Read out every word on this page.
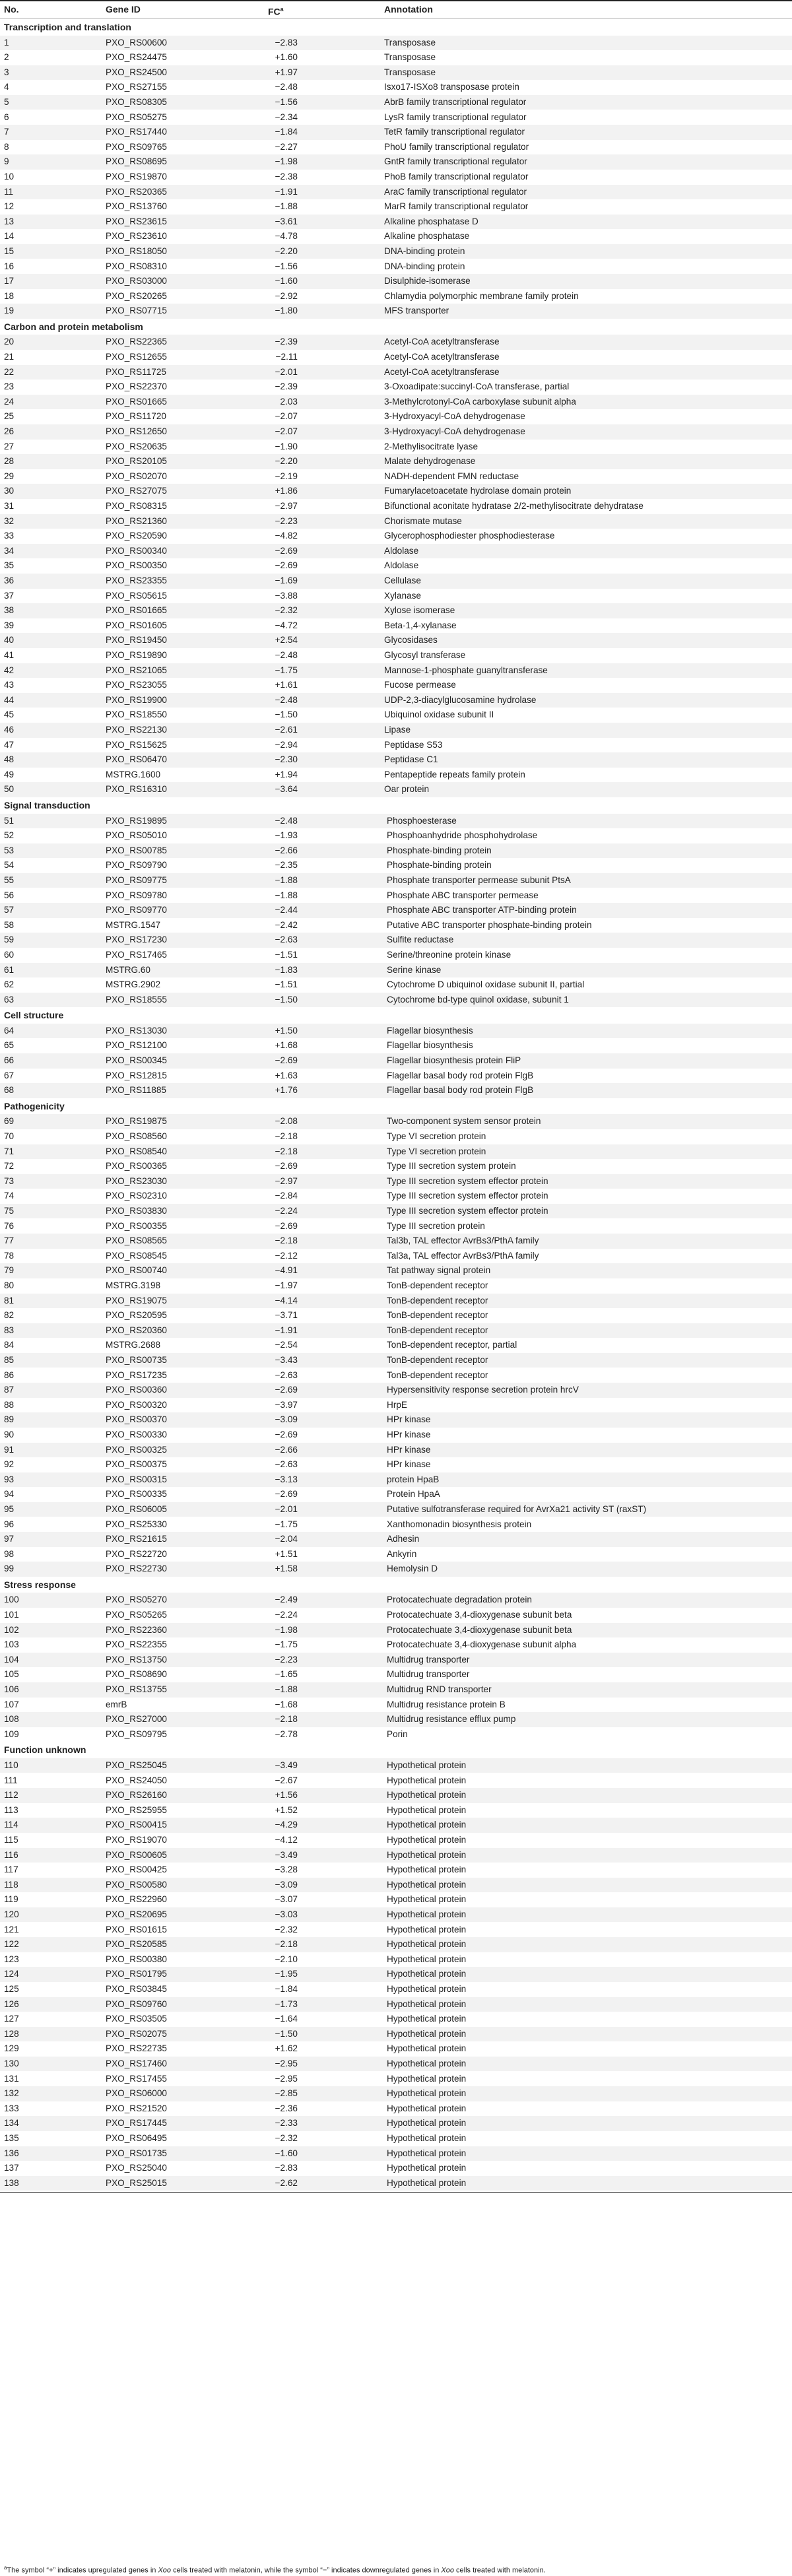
No.	Gene ID	$FC^a$	Annotation
Transcription and translation
1	PXO_RS00600	−2.83	Transposase
2	PXO_RS24475	+1.60	Transposase
3	PXO_RS24500	+1.97	Transposase
4	PXO_RS27155	−2.48	Isxo17-ISXo8 transposase protein
5	PXO_RS08305	−1.56	AbrB family transcriptional regulator
6	PXO_RS05275	−2.34	LysR family transcriptional regulator
7	PXO_RS17440	−1.84	TetR family transcriptional regulator
8	PXO_RS09765	−2.27	PhoU family transcriptional regulator
9	PXO_RS08695	−1.98	GntR family transcriptional regulator
10	PXO_RS19870	−2.38	PhoB family transcriptional regulator
11	PXO_RS20365	−1.91	AraC family transcriptional regulator
12	PXO_RS13760	−1.88	MarR family transcriptional regulator
13	PXO_RS23615	−3.61	Alkaline phosphatase D
14	PXO_RS23610	−4.78	Alkaline phosphatase
15	PXO_RS18050	−2.20	DNA-binding protein
16	PXO_RS08310	−1.56	DNA-binding protein
17	PXO_RS03000	−1.60	Disulphide-isomerase
18	PXO_RS20265	−2.92	Chlamydia polymorphic membrane family protein
19	PXO_RS07715	−1.80	MFS transporter
Carbon and protein metabolism
20	PXO_RS22365	−2.39	Acetyl-CoA acetyltransferase
21	PXO_RS12655	−2.11	Acetyl-CoA acetyltransferase
22	PXO_RS11725	−2.01	Acetyl-CoA acetyltransferase
23	PXO_RS22370	−2.39	3-Oxoadipate:succinyl-CoA transferase, partial
24	PXO_RS01665	2.03	3-Methylcrotonyl-CoA carboxylase subunit alpha
25	PXO_RS11720	−2.07	3-Hydroxyacyl-CoA dehydrogenase
26	PXO_RS12650	−2.07	3-Hydroxyacyl-CoA dehydrogenase
27	PXO_RS20635	−1.90	2-Methylisocitrate lyase
28	PXO_RS20105	−2.20	Malate dehydrogenase
29	PXO_RS02070	−2.19	NADH-dependent FMN reductase
30	PXO_RS27075	+1.86	Fumarylacetoacetate hydrolase domain protein
31	PXO_RS08315	−2.97	Bifunctional aconitate hydratase 2/2-methylisocitrate dehydratase
32	PXO_RS21360	−2.23	Chorismate mutase
33	PXO_RS20590	−4.82	Glycerophosphodiester phosphodiesterase
34	PXO_RS00340	−2.69	Aldolase
35	PXO_RS00350	−2.69	Aldolase
36	PXO_RS23355	−1.69	Cellulase
37	PXO_RS05615	−3.88	Xylanase
38	PXO_RS01665	−2.32	Xylose isomerase
39	PXO_RS01605	−4.72	Beta-1,4-xylanase
40	PXO_RS19450	+2.54	Glycosidases
41	PXO_RS19890	−2.48	Glycosyl transferase
42	PXO_RS21065	−1.75	Mannose-1-phosphate guanyltransferase
43	PXO_RS23055	+1.61	Fucose permease
44	PXO_RS19900	−2.48	UDP-2,3-diacylglucosamine hydrolase
45	PXO_RS18550	−1.50	Ubiquinol oxidase subunit II
46	PXO_RS22130	−2.61	Lipase
47	PXO_RS15625	−2.94	Peptidase S53
48	PXO_RS06470	−2.30	Peptidase C1
49	MSTRG.1600	+1.94	Pentapeptide repeats family protein
50	PXO_RS16310	−3.64	Oar protein
Signal transduction
51	PXO_RS19895	−2.48	Phosphoesterase
52	PXO_RS05010	−1.93	Phosphoanhydride phosphohydrolase
53	PXO_RS00785	−2.66	Phosphate-binding protein
54	PXO_RS09790	−2.35	Phosphate-binding protein
55	PXO_RS09775	−1.88	Phosphate transporter permease subunit PtsA
56	PXO_RS09780	−1.88	Phosphate ABC transporter permease
57	PXO_RS09770	−2.44	Phosphate ABC transporter ATP-binding protein
58	MSTRG.1547	−2.42	Putative ABC transporter phosphate-binding protein
59	PXO_RS17230	−2.63	Sulfite reductase
60	PXO_RS17465	−1.51	Serine/threonine protein kinase
61	MSTRG.60	−1.83	Serine kinase
62	MSTRG.2902	−1.51	Cytochrome D ubiquinol oxidase subunit II, partial
63	PXO_RS18555	−1.50	Cytochrome bd-type quinol oxidase, subunit 1
Cell structure
64	PXO_RS13030	+1.50	Flagellar biosynthesis
65	PXO_RS12100	+1.68	Flagellar biosynthesis
66	PXO_RS00345	−2.69	Flagellar biosynthesis protein FliP
67	PXO_RS12815	+1.63	Flagellar basal body rod protein FlgB
68	PXO_RS11885	+1.76	Flagellar basal body rod protein FlgB
Pathogenicity
69	PXO_RS19875	−2.08	Two-component system sensor protein
70	PXO_RS08560	−2.18	Type VI secretion protein
71	PXO_RS08540	−2.18	Type VI secretion protein
72	PXO_RS00365	−2.69	Type III secretion system protein
73	PXO_RS23030	−2.97	Type III secretion system effector protein
74	PXO_RS02310	−2.84	Type III secretion system effector protein
75	PXO_RS03830	−2.24	Type III secretion system effector protein
76	PXO_RS00355	−2.69	Type III secretion protein
77	PXO_RS08565	−2.18	Tal3b, TAL effector AvrBs3/PthA family
78	PXO_RS08545	−2.12	Tal3a, TAL effector AvrBs3/PthA family
79	PXO_RS00740	−4.91	Tat pathway signal protein
80	MSTRG.3198	−1.97	TonB-dependent receptor
81	PXO_RS19075	−4.14	TonB-dependent receptor
82	PXO_RS20595	−3.71	TonB-dependent receptor
83	PXO_RS20360	−1.91	TonB-dependent receptor
84	MSTRG.2688	−2.54	TonB-dependent receptor, partial
85	PXO_RS00735	−3.43	TonB-dependent receptor
86	PXO_RS17235	−2.63	TonB-dependent receptor
87	PXO_RS00360	−2.69	Hypersensitivity response secretion protein hrcV
88	PXO_RS00320	−3.97	HrpE
89	PXO_RS00370	−3.09	HPr kinase
90	PXO_RS00330	−2.69	HPr kinase
91	PXO_RS00325	−2.66	HPr kinase
92	PXO_RS00375	−2.63	HPr kinase
93	PXO_RS00315	−3.13	protein HpaB
94	PXO_RS00335	−2.69	Protein HpaA
95	PXO_RS06005	−2.01	Putative sulfotransferase required for AvrXa21 activity ST (raxST)
96	PXO_RS25330	−1.75	Xanthomonadin biosynthesis protein
97	PXO_RS21615	−2.04	Adhesin
98	PXO_RS22720	+1.51	Ankyrin
99	PXO_RS22730	+1.58	Hemolysin D
Stress response
100	PXO_RS05270	−2.49	Protocatechuate degradation protein
101	PXO_RS05265	−2.24	Protocatechuate 3,4-dioxygenase subunit beta
102	PXO_RS22360	−1.98	Protocatechuate 3,4-dioxygenase subunit beta
103	PXO_RS22355	−1.75	Protocatechuate 3,4-dioxygenase subunit alpha
104	PXO_RS13750	−2.23	Multidrug transporter
105	PXO_RS08690	−1.65	Multidrug transporter
106	PXO_RS13755	−1.88	Multidrug RND transporter
107	emrB	−1.68	Multidrug resistance protein B
108	PXO_RS27000	−2.18	Multidrug resistance efflux pump
109	PXO_RS09795	−2.78	Porin
Function unknown
110	PXO_RS25045	−3.49	Hypothetical protein
111	PXO_RS24050	−2.67	Hypothetical protein
112	PXO_RS26160	+1.56	Hypothetical protein
113	PXO_RS25955	+1.52	Hypothetical protein
114	PXO_RS00415	−4.29	Hypothetical protein
115	PXO_RS19070	−4.12	Hypothetical protein
116	PXO_RS00605	−3.49	Hypothetical protein
117	PXO_RS00425	−3.28	Hypothetical protein
118	PXO_RS00580	−3.09	Hypothetical protein
119	PXO_RS22960	−3.07	Hypothetical protein
120	PXO_RS20695	−3.03	Hypothetical protein
121	PXO_RS01615	−2.32	Hypothetical protein
122	PXO_RS20585	−2.18	Hypothetical protein
123	PXO_RS00380	−2.10	Hypothetical protein
124	PXO_RS01795	−1.95	Hypothetical protein
125	PXO_RS03845	−1.84	Hypothetical protein
126	PXO_RS09760	−1.73	Hypothetical protein
127	PXO_RS03505	−1.64	Hypothetical protein
128	PXO_RS02075	−1.50	Hypothetical protein
129	PXO_RS22735	+1.62	Hypothetical protein
130	PXO_RS17460	−2.95	Hypothetical protein
131	PXO_RS17455	−2.95	Hypothetical protein
132	PXO_RS06000	−2.85	Hypothetical protein
133	PXO_RS21520	−2.36	Hypothetical protein
134	PXO_RS17445	−2.33	Hypothetical protein
135	PXO_RS06495	−2.32	Hypothetical protein
136	PXO_RS01735	−1.60	Hypothetical protein
137	PXO_RS25040	−2.83	Hypothetical protein
138	PXO_RS25015	−2.62	Hypothetical protein
$^a$The symbol “+” indicates upregulated genes in Xoo cells treated with melatonin, while the symbol “−” indicates downregulated genes in Xoo cells treated with melatonin.
